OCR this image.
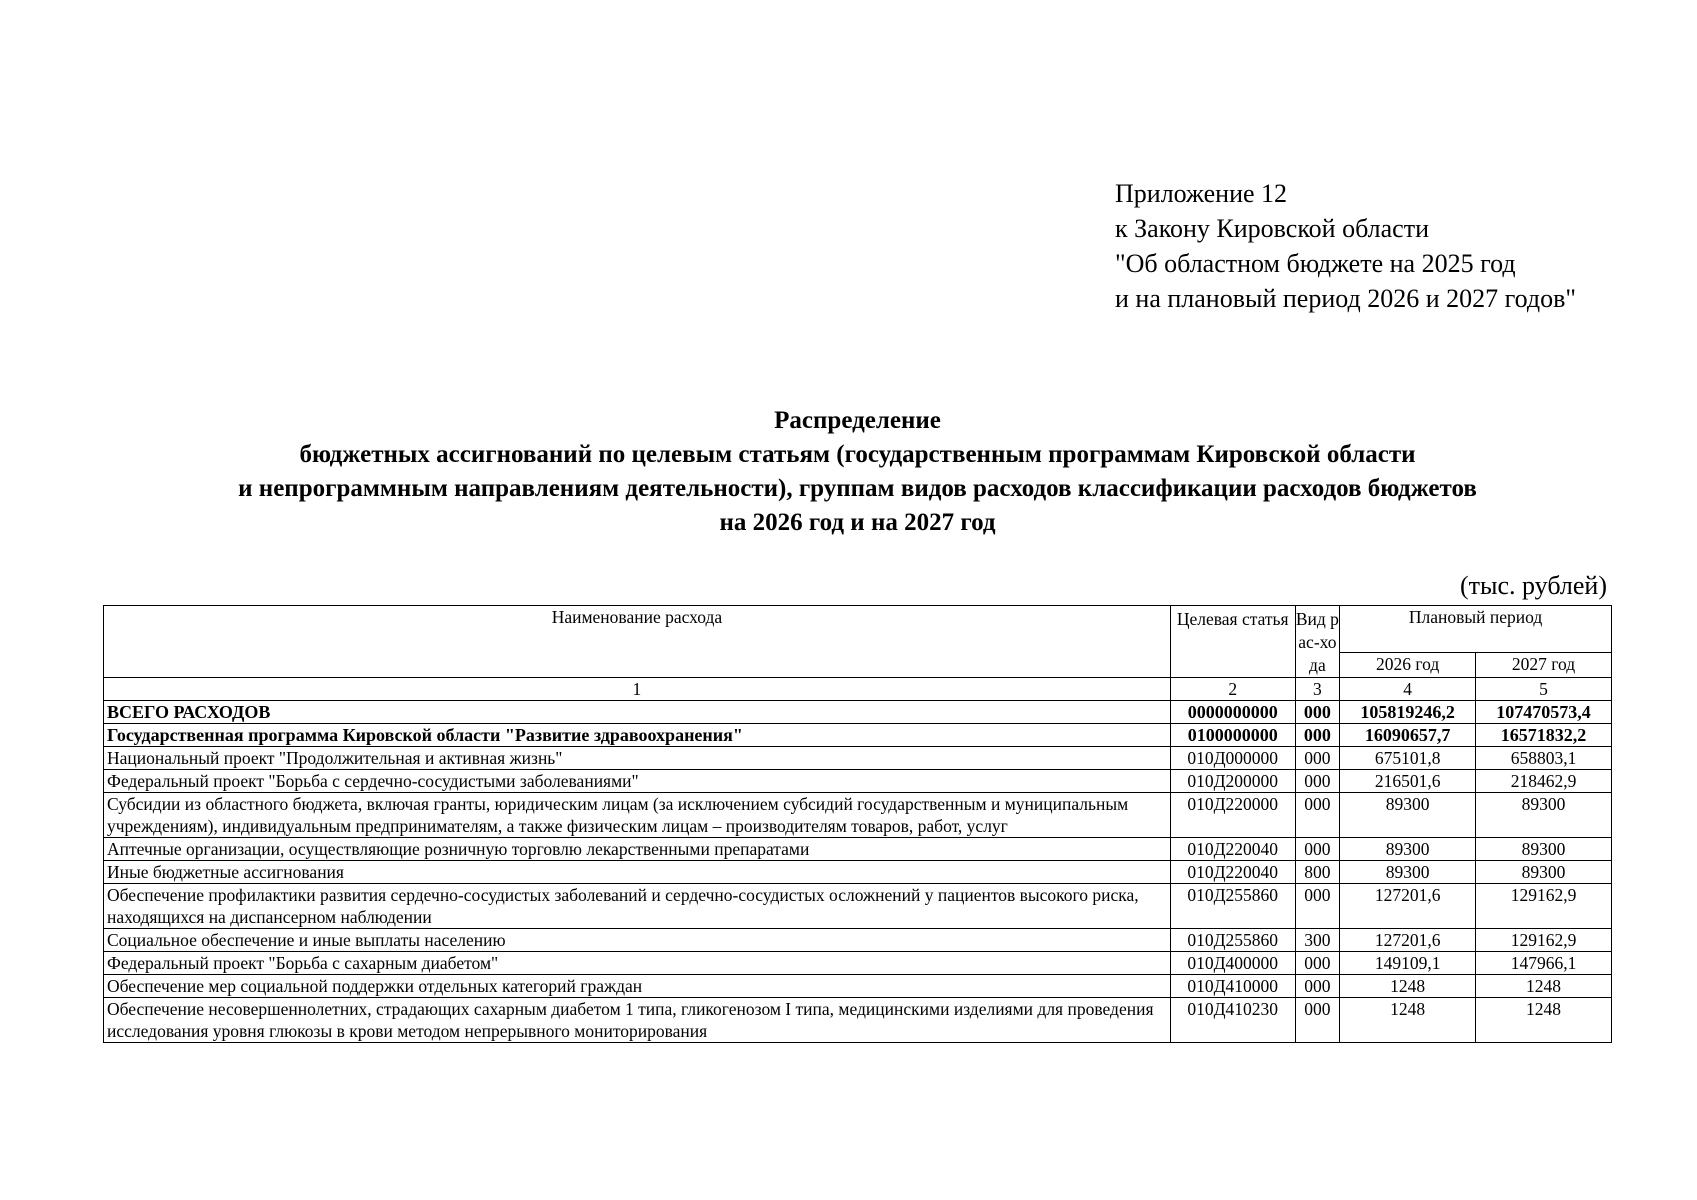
Приложение 12
к Закону Кировской области
"Об областном бюджете на 2025 год
и на плановый период 2026 и 2027 годов"
Распределение
бюджетных ассигнований по целевым статьям (государственным программам Кировской области
и непрограммным направлениям деятельности), группам видов расходов классификации расходов бюджетов
на 2026 год и на 2027 год
(тыс. рублей)
Наименование расхода	Целевая статья	Вид рас-хода	Плановый период	
			2026 год	2027 год
1	2	3	4	5
ВСЕГО РАСХОДОВ	0000000000	000	105819246,2	107470573,4
Государственная программа Кировской области "Развитие здравоохранения"	0100000000	000	16090657,7	16571832,2
Национальный проект "Продолжительная и активная жизнь"	010Д000000	000	675101,8	658803,1
Федеральный проект "Борьба с сердечно-сосудистыми заболеваниями"	010Д200000	000	216501,6	218462,9
Субсидии из областного бюджета, включая гранты, юридическим лицам (за исключением субсидий государственным и муниципальным учреждениям), индивидуальным предпринимателям, а также физическим лицам – производителям товаров, работ, услуг	010Д220000	000	89300	89300
Аптечные организации, осуществляющие розничную торговлю лекарственными препаратами	010Д220040	000	89300	89300
Иные бюджетные ассигнования	010Д220040	800	89300	89300
Обеспечение профилактики развития сердечно-сосудистых заболеваний и сердечно-сосудистых осложнений у пациентов высокого риска, находящихся на диспансерном наблюдении	010Д255860	000	127201,6	129162,9
Социальное обеспечение и иные выплаты населению	010Д255860	300	127201,6	129162,9
Федеральный проект "Борьба с сахарным диабетом"	010Д400000	000	149109,1	147966,1
Обеспечение мер социальной поддержки отдельных категорий граждан	010Д410000	000	1248	1248
Обеспечение несовершеннолетних, страдающих сахарным диабетом 1 типа, гликогенозом I типа, медицинскими изделиями для проведения исследования уровня глюкозы в крови методом непрерывного мониторирования	010Д410230	000	1248	1248
